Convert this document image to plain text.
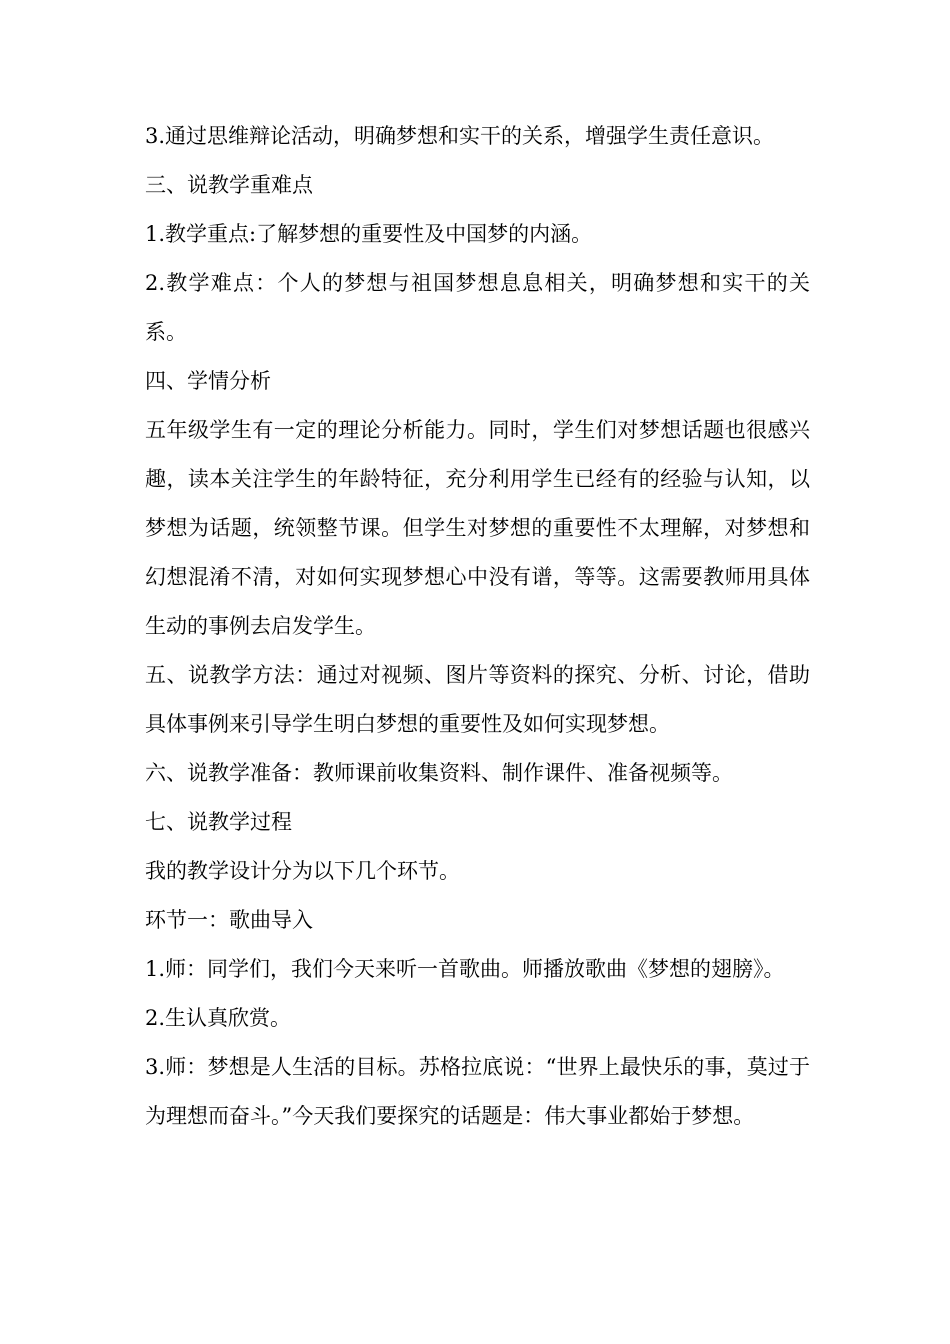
3.通过思维辩论活动，明确梦想和实干的关系，增强学生责任意识。

三、说教学重难点

1.教学重点:了解梦想的重要性及中国梦的内涵。

2.教学难点：个人的梦想与祖国梦想息息相关，明确梦想和实干的关系。

四、学情分析

五年级学生有一定的理论分析能力。同时，学生们对梦想话题也很感兴趣，读本关注学生的年龄特征，充分利用学生已经有的经验与认知，以梦想为话题，统领整节课。但学生对梦想的重要性不太理解，对梦想和幻想混淆不清，对如何实现梦想心中没有谱，等等。这需要教师用具体生动的事例去启发学生。

五、说教学方法：通过对视频、图片等资料的探究、分析、讨论，借助具体事例来引导学生明白梦想的重要性及如何实现梦想。

六、说教学准备：教师课前收集资料、制作课件、准备视频等。

七、说教学过程

我的教学设计分为以下几个环节。

环节一：歌曲导入

1.师：同学们，我们今天来听一首歌曲。师播放歌曲《梦想的翅膀》。

2.生认真欣赏。

3.师：梦想是人生活的目标。苏格拉底说：“世界上最快乐的事，莫过于为理想而奋斗。”今天我们要探究的话题是：伟大事业都始于梦想。
